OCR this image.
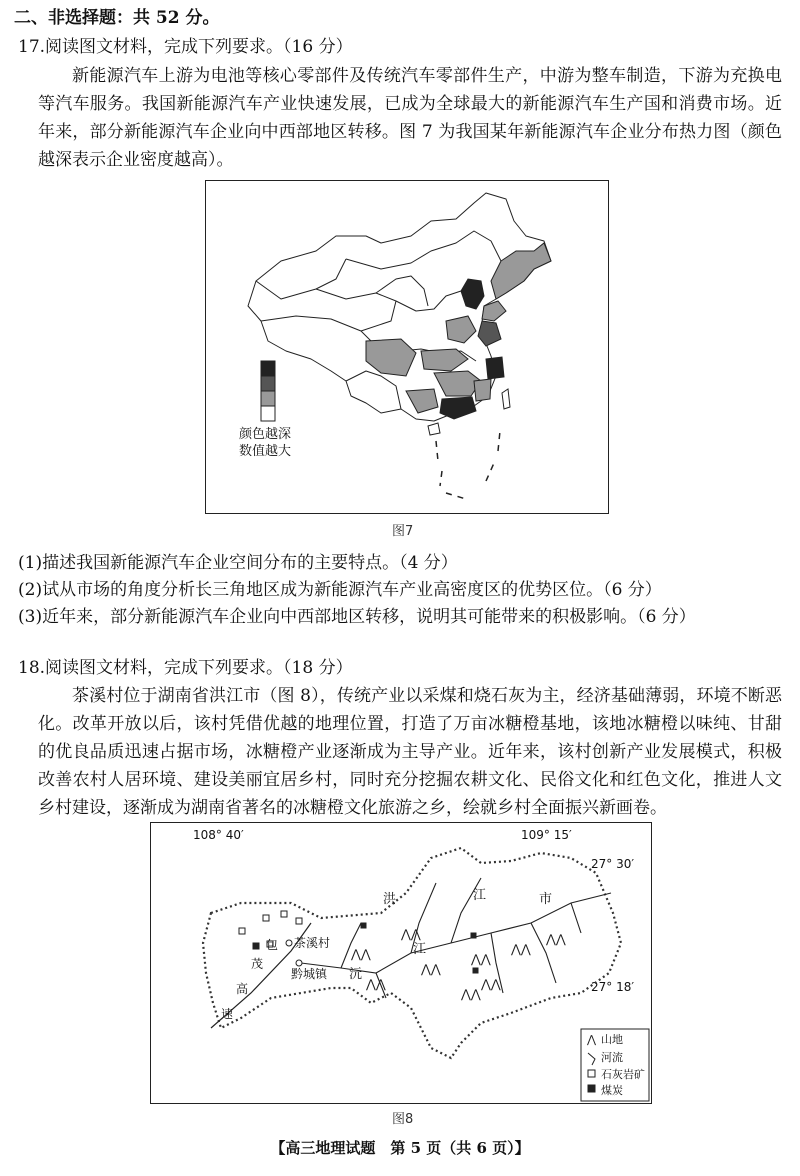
二、非选择题：共 52 分。
17.阅读图文材料，完成下列要求。（16 分）

新能源汽车上游为电池等核心零部件及传统汽车零部件生产，中游为整车制造，下游为充换电等汽车服务。我国新能源汽车产业快速发展，已成为全球最大的新能源汽车生产国和消费市场。近年来，部分新能源汽车企业向中西部地区转移。图 7 为我国某年新能源汽车企业分布热力图（颜色越深表示企业密度越高）。

颜色越深
数值越大
图7
(1)描述我国新能源汽车企业空间分布的主要特点。（4 分）
(2)试从市场的角度分析长三角地区成为新能源汽车产业高密度区的优势区位。（6 分）
(3)近年来，部分新能源汽车企业向中西部地区转移，说明其可能带来的积极影响。（6 分）
18.阅读图文材料，完成下列要求。（18 分）

茶溪村位于湖南省洪江市（图 8），传统产业以采煤和烧石灰为主，经济基础薄弱，环境不断恶化。改革开放以后，该村凭借优越的地理位置，打造了万亩冰糖橙基地，该地冰糖橙以味纯、甘甜的优良品质迅速占据市场，冰糖橙产业逐渐成为主导产业。近年来，该村创新产业发展模式，积极改善农村人居环境、建设美丽宜居乡村，同时充分挖掘农耕文化、民俗文化和红色文化，推进人文乡村建设，逐渐成为湖南省著名的冰糖橙文化旅游之乡，绘就乡村全面振兴新画卷。

108° 40′	109° 15′
27° 30′
27° 18′
⋀⋀
⋀⋀
⋀⋀
⋀⋀
⋀⋀
⋀⋀
⋀⋀
⋀⋀
⋀⋀
茶溪村
黔城镇 沅
江
洪	江	市
包
茂
高
速
⋀ 山地
河流
石灰岩矿
煤炭
图8
【高三地理试题　第 5 页（共 6 页）】
